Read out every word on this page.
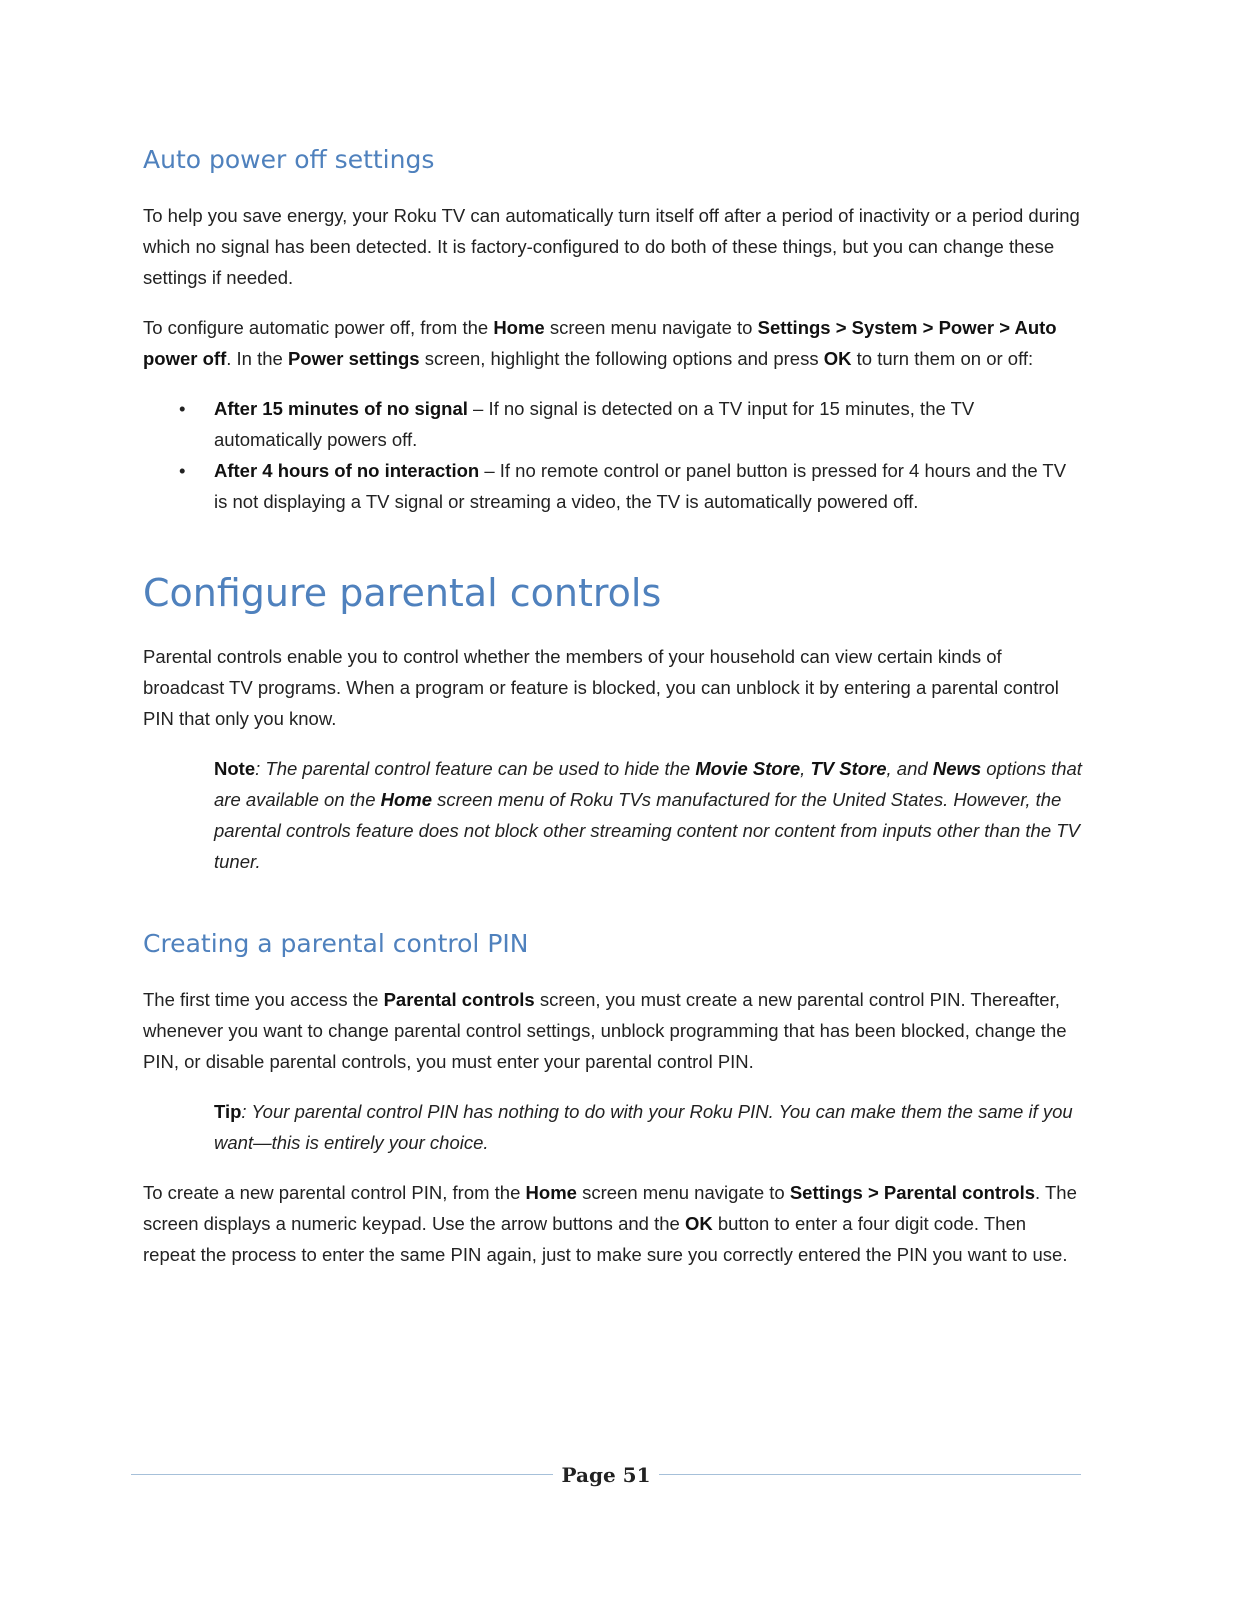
Auto power off settings

To help you save energy, your Roku TV can automatically turn itself off after a period of inactivity or a period during which no signal has been detected. It is factory-configured to do both of these things, but you can change these settings if needed.

To configure automatic power off, from the Home screen menu navigate to Settings > System > Power > Auto power off. In the Power settings screen, highlight the following options and press OK to turn them on or off:

• After 15 minutes of no signal – If no signal is detected on a TV input for 15 minutes, the TV automatically powers off.
• After 4 hours of no interaction – If no remote control or panel button is pressed for 4 hours and the TV is not displaying a TV signal or streaming a video, the TV is automatically powered off.
Configure parental controls

Parental controls enable you to control whether the members of your household can view certain kinds of broadcast TV programs. When a program or feature is blocked, you can unblock it by entering a parental control PIN that only you know.

Note: The parental control feature can be used to hide the Movie Store, TV Store, and News options that are available on the Home screen menu of Roku TVs manufactured for the United States. However, the parental controls feature does not block other streaming content nor content from inputs other than the TV tuner.
Creating a parental control PIN

The first time you access the Parental controls screen, you must create a new parental control PIN. Thereafter, whenever you want to change parental control settings, unblock programming that has been blocked, change the PIN, or disable parental controls, you must enter your parental control PIN.

Tip: Your parental control PIN has nothing to do with your Roku PIN. You can make them the same if you want—this is entirely your choice.

To create a new parental control PIN, from the Home screen menu navigate to Settings > Parental controls. The screen displays a numeric keypad. Use the arrow buttons and the OK button to enter a four digit code. Then repeat the process to enter the same PIN again, just to make sure you correctly entered the PIN you want to use.

Page 51
